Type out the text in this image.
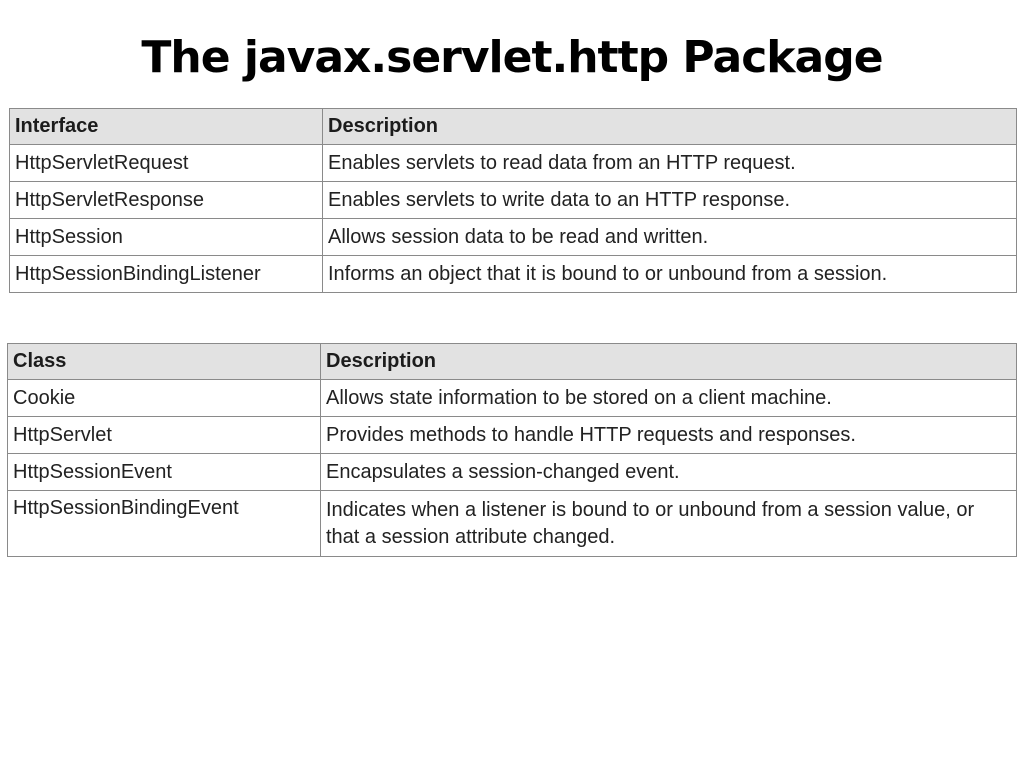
The javax.servlet.http Package
Interface	Description
HttpServletRequest	Enables servlets to read data from an HTTP request.
HttpServletResponse	Enables servlets to write data to an HTTP response.
HttpSession	Allows session data to be read and written.
HttpSessionBindingListener	Informs an object that it is bound to or unbound from a session.
Class	Description
Cookie	Allows state information to be stored on a client machine.
HttpServlet	Provides methods to handle HTTP requests and responses.
HttpSessionEvent	Encapsulates a session-changed event.
HttpSessionBindingEvent	Indicates when a listener is bound to or unbound from a session value, or that a session attribute changed.
